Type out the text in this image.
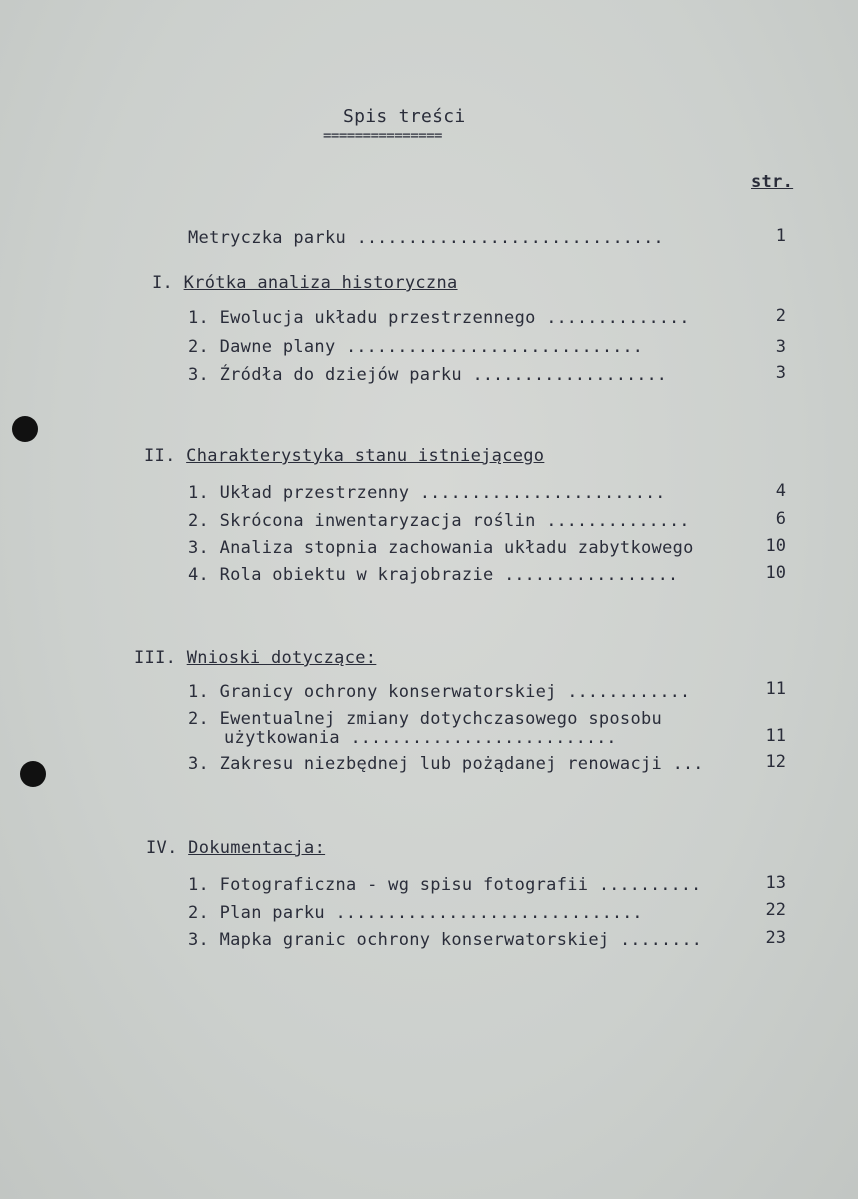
Spis treści
===============
str.
Metryczka parku ..............................	1
I. Krótka analiza historyczna
1. Ewolucja układu przestrzennego ..............	2
2. Dawne plany .............................	3
3. Źródła do dziejów parku ...................	3
II. Charakterystyka stanu istniejącego
1. Układ przestrzenny ........................	4
2. Skrócona inwentaryzacja roślin ..............	6
3. Analiza stopnia zachowania układu zabytkowego	10
4. Rola obiektu w krajobrazie .................	10
III. Wnioski dotyczące:
1. Granicy ochrony konserwatorskiej ............	11
2. Ewentualnej zmiany dotychczasowego sposobu
użytkowania ..........................	11
3. Zakresu niezbędnej lub pożądanej renowacji ...	12
IV. Dokumentacja:
1. Fotograficzna - wg spisu fotografii ..........	13
2. Plan parku ..............................	22
3. Mapka granic ochrony konserwatorskiej ........	23
